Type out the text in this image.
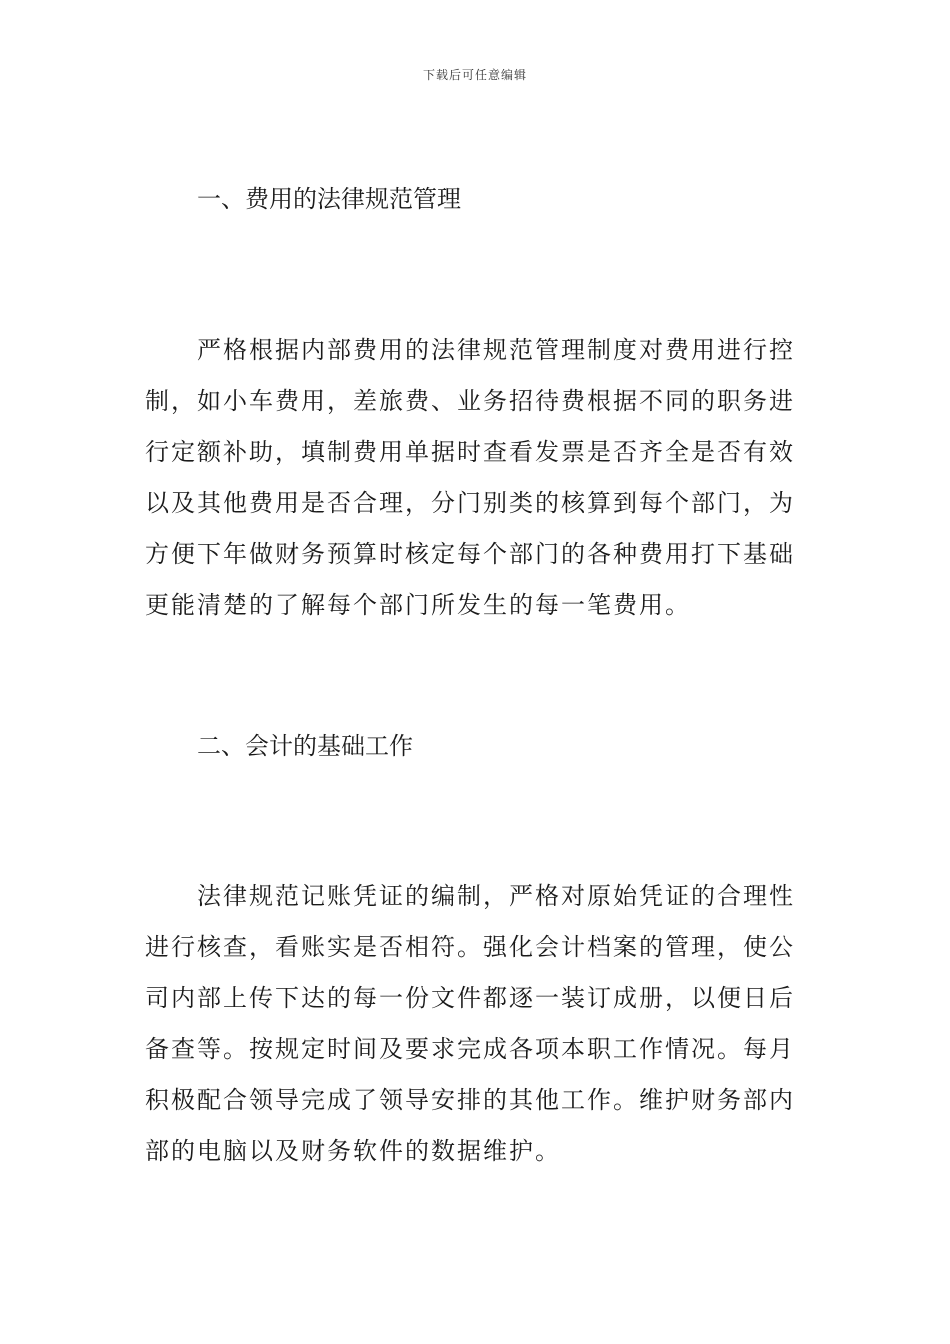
下载后可任意编辑
一、费用的法律规范管理
严格根据内部费用的法律规范管理制度对费用进行控
制，如小车费用，差旅费、业务招待费根据不同的职务进
行定额补助，填制费用单据时查看发票是否齐全是否有效
以及其他费用是否合理，分门别类的核算到每个部门，为
方便下年做财务预算时核定每个部门的各种费用打下基础
更能清楚的了解每个部门所发生的每一笔费用。
二、会计的基础工作
法律规范记账凭证的编制，严格对原始凭证的合理性
进行核查，看账实是否相符。强化会计档案的管理，使公
司内部上传下达的每一份文件都逐一装订成册，以便日后
备查等。按规定时间及要求完成各项本职工作情况。每月
积极配合领导完成了领导安排的其他工作。维护财务部内
部的电脑以及财务软件的数据维护。
